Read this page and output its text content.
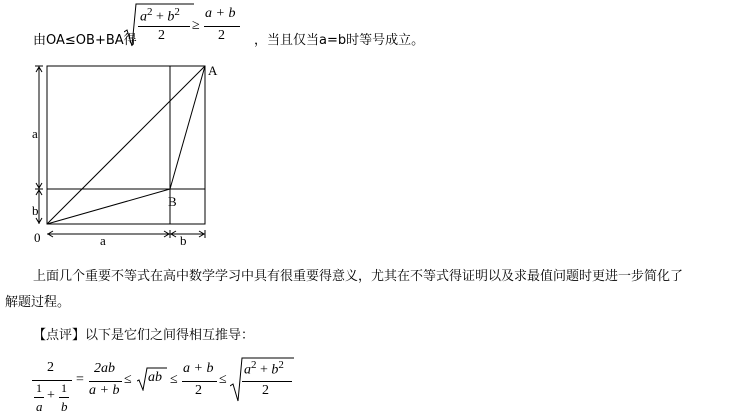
由OA≤OB+BA得
$a^2 + b^2$
2
≥
a + b
2 ，当且仅当a=b时等号成立。
A
B
0
a
b
a	b
上面几个重要不等式在高中数学学习中具有很重要得意义，尤其在不等式得证明以及求最值问题时更进一步简化了
解题过程。
【点评】以下是它们之间得相互推导：
2
1
a
+ 1
b
=
2ab
a + b
≤ ab ≤
a + b
2
≤
$a^2 + b^2$
2
